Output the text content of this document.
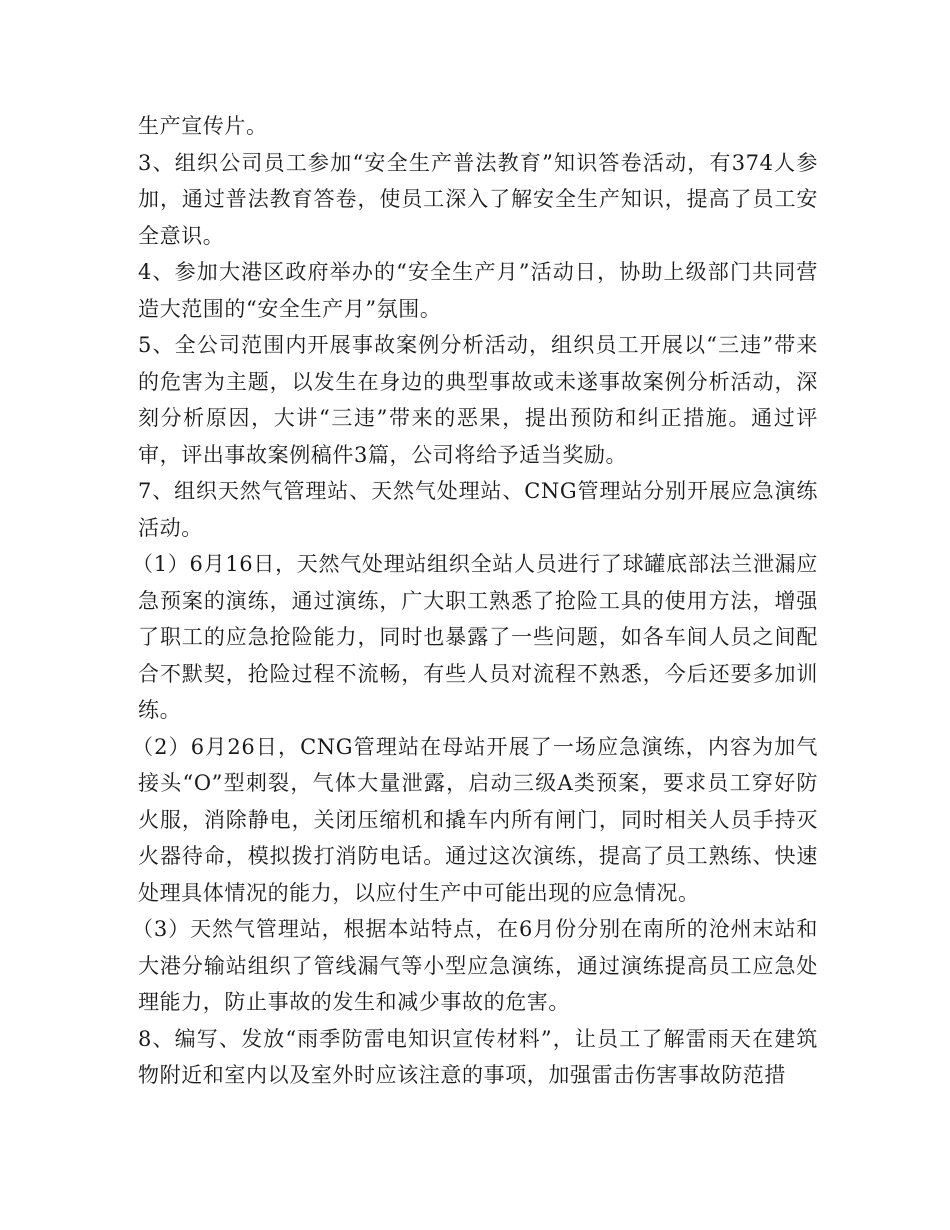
生产宣传片。

3、组织公司员工参加“安全生产普法教育”知识答卷活动，有374人参加，通过普法教育答卷，使员工深入了解安全生产知识，提高了员工安全意识。

4、参加大港区政府举办的“安全生产月”活动日，协助上级部门共同营造大范围的“安全生产月”氛围。

5、全公司范围内开展事故案例分析活动，组织员工开展以“三违”带来的危害为主题，以发生在身边的典型事故或未遂事故案例分析活动，深刻分析原因，大讲“三违”带来的恶果，提出预防和纠正措施。通过评审，评出事故案例稿件3篇，公司将给予适当奖励。

7、组织天然气管理站、天然气处理站、CNG管理站分别开展应急演练活动。

（1）6月16日，天然气处理站组织全站人员进行了球罐底部法兰泄漏应急预案的演练，通过演练，广大职工熟悉了抢险工具的使用方法，增强了职工的应急抢险能力，同时也暴露了一些问题，如各车间人员之间配合不默契，抢险过程不流畅，有些人员对流程不熟悉，今后还要多加训练。

（2）6月26日，CNG管理站在母站开展了一场应急演练，内容为加气接头“O”型刺裂，气体大量泄露，启动三级A类预案，要求员工穿好防火服，消除静电，关闭压缩机和撬车内所有闸门，同时相关人员手持灭火器待命，模拟拨打消防电话。通过这次演练，提高了员工熟练、快速处理具体情况的能力，以应付生产中可能出现的应急情况。

（3）天然气管理站，根据本站特点，在6月份分别在南所的沧州末站和大港分输站组织了管线漏气等小型应急演练，通过演练提高员工应急处理能力，防止事故的发生和减少事故的危害。

8、编写、发放“雨季防雷电知识宣传材料”，让员工了解雷雨天在建筑物附近和室内以及室外时应该注意的事项，加强雷击伤害事故防范措
